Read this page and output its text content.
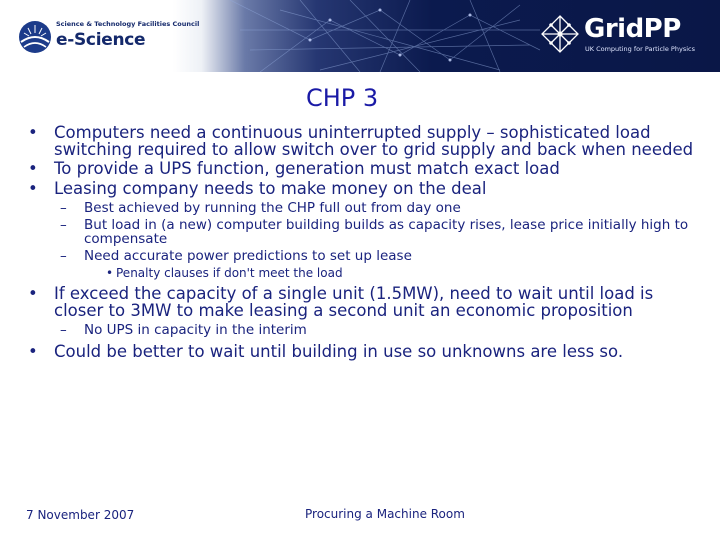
Science & Technology Facilities Council
e-Science	GridPP
UK Computing for Particle Physics
CHP 3
• Computers need a continuous uninterrupted supply – sophisticated load switching required to allow switch over to grid supply and back when needed
• To provide a UPS function, generation must match exact load
• Leasing company needs to make money on the deal
– Best achieved by running the CHP full out from day one
– But load in (a new) computer building builds as capacity rises, lease price initially high to compensate
– Need accurate power predictions to set up lease
• Penalty clauses if don't meet the load
• If exceed the capacity of a single unit (1.5MW), need to wait until load is closer to 3MW to make leasing a second unit an economic proposition
– No UPS in capacity in the interim
• Could be better to wait until building in use so unknowns are less so.
7 November 2007	Procuring a Machine Room
